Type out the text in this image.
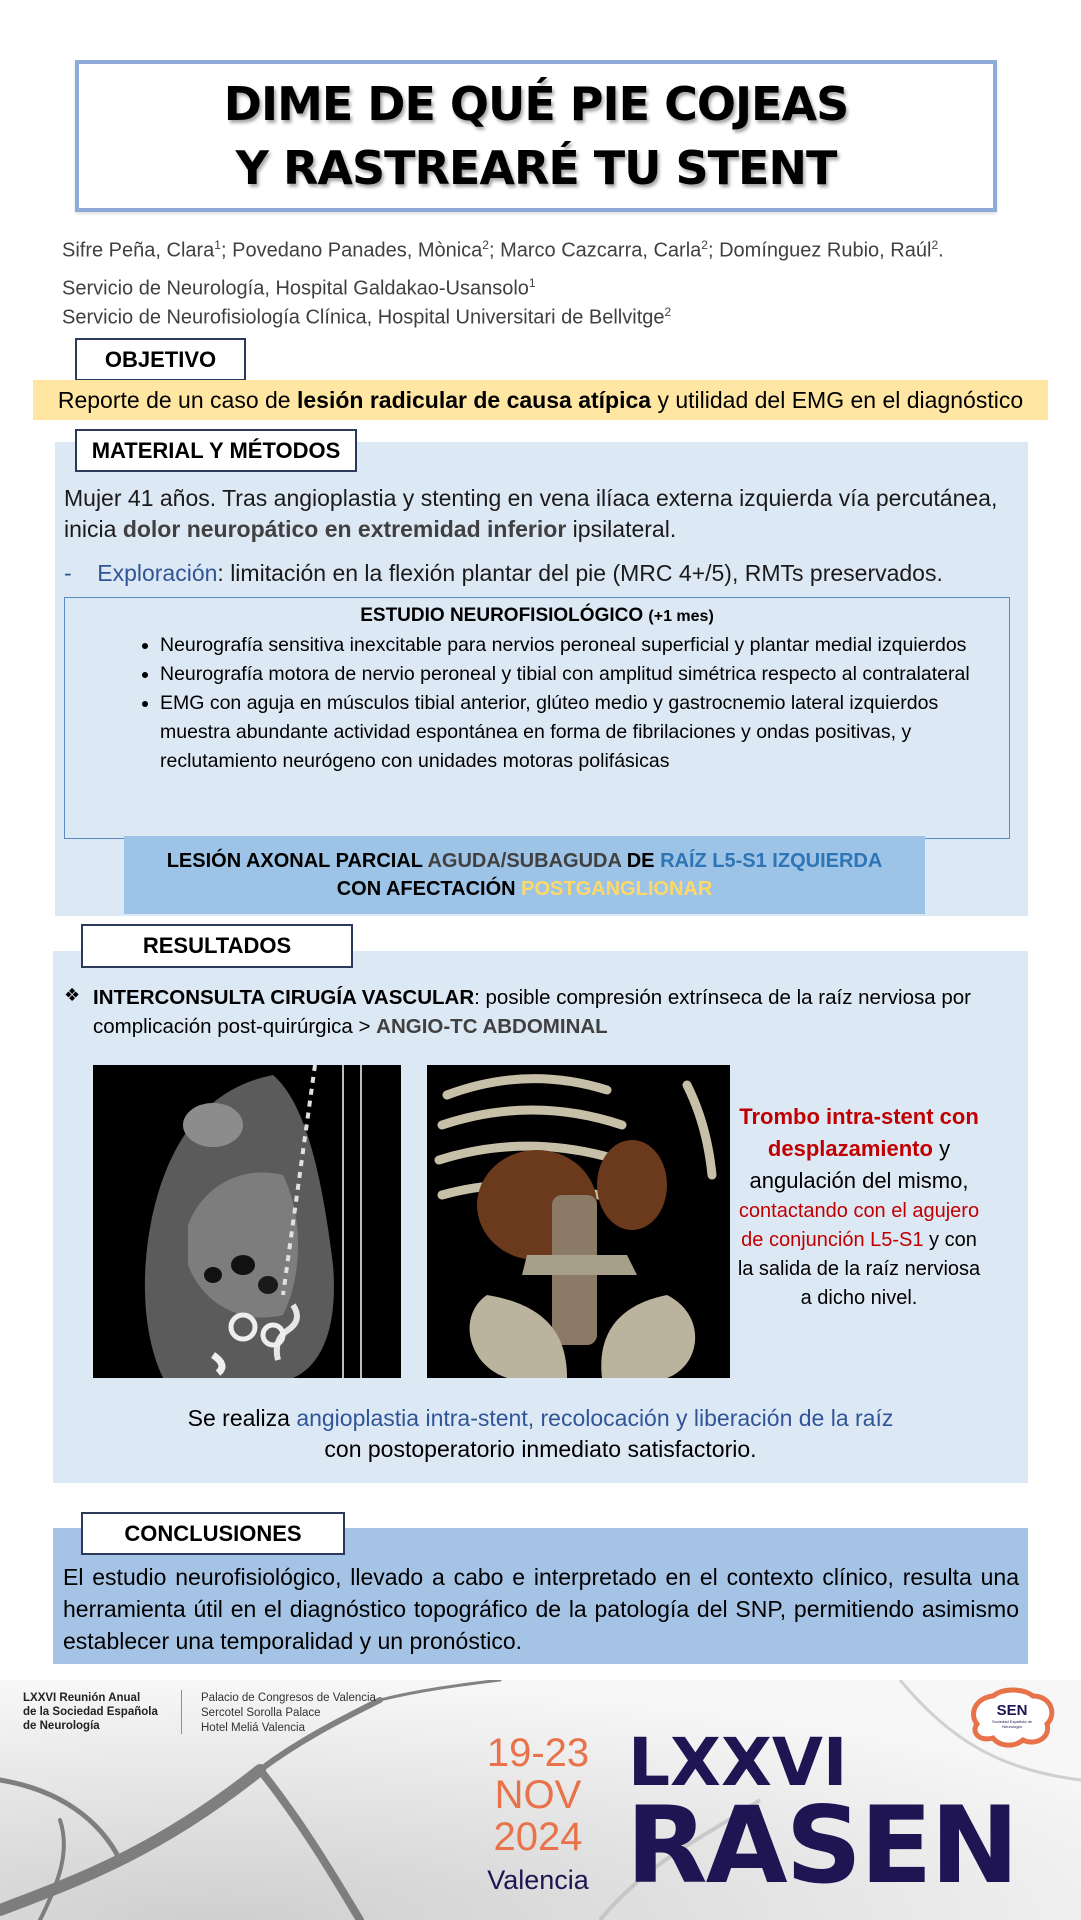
DIME DE QUÉ PIE COJEAS
Y RASTREARÉ TU STENT
Sifre Peña, Clara$^1$; Povedano Panades, Mònica$^2$; Marco Cazcarra, Carla$^2$; Domínguez Rubio, Raúl$^2$.
Servicio de Neurología, Hospital Galdakao-Usansolo$^1$
Servicio de Neurofisiología Clínica, Hospital Universitari de Bellvitge$^2$
OBJETIVO
Reporte de un caso de
lesión radicular de causa atípica
y utilidad del EMG en el diagnóstico
MATERIAL Y MÉTODOS
Mujer 41 años. Tras angioplastia y stenting en vena ilíaca externa izquierda vía percutánea, inicia dolor neuropático en extremidad inferior ipsilateral.
- Exploración: limitación en la flexión plantar del pie (MRC 4+/5), RMTs preservados.
ESTUDIO NEUROFISIOLÓGICO (+1 mes)
• Neurografía sensitiva inexcitable para nervios peroneal superficial y plantar medial izquierdos
• Neurografía motora de nervio peroneal y tibial con amplitud simétrica respecto al contralateral
• EMG con aguja en músculos tibial anterior, glúteo medio y gastrocnemio lateral izquierdos muestra abundante actividad espontánea en forma de fibrilaciones y ondas positivas, y reclutamiento neurógeno con unidades motoras polifásicas
LESIÓN AXONAL PARCIAL AGUDA/SUBAGUDA DE RAÍZ L5-S1 IZQUIERDA
CON AFECTACIÓN POSTGANGLIONAR
RESULTADOS
❖ INTERCONSULTA CIRUGÍA VASCULAR: posible compresión extrínseca de la raíz nerviosa por complicación post-quirúrgica > ANGIO-TC ABDOMINAL
Trombo intra-stent con desplazamiento y angulación del mismo, contactando con el agujero de conjunción L5-S1 y con la salida de la raíz nerviosa a dicho nivel.
Se realiza angioplastia intra-stent, recolocación y liberación de la raíz
con postoperatorio inmediato satisfactorio.
CONCLUSIONES
El estudio neurofisiológico, llevado a cabo e interpretado en el contexto clínico, resulta una herramienta útil en el diagnóstico topográfico de la patología del SNP, permitiendo asimismo establecer una temporalidad y un pronóstico.
LXXVI Reunión Anual
de la Sociedad Española
de Neurología
Palacio de Congresos de Valencia
Sercotel Sorolla Palace
Hotel Meliá Valencia
19-23
NOV
2024
Valencia
LXXVI
RASEN
SEN
Sociedad Española de Neurología
